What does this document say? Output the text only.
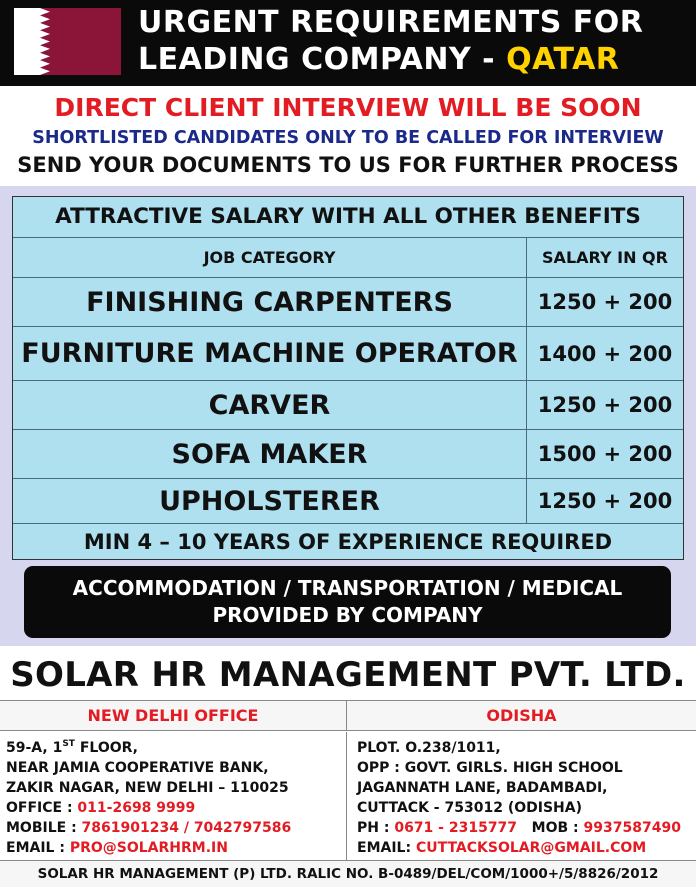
URGENT REQUIREMENTS FOR
LEADING COMPANY - QATAR
DIRECT CLIENT INTERVIEW WILL BE SOON
SHORTLISTED CANDIDATES ONLY TO BE CALLED FOR INTERVIEW
SEND YOUR DOCUMENTS TO US FOR FURTHER PROCESS
ATTRACTIVE SALARY WITH ALL OTHER BENEFITS
JOB CATEGORY	SALARY IN QR
FINISHING CARPENTERS	1250 + 200
FURNITURE MACHINE OPERATOR 1400 + 200
CARVER	1250 + 200
SOFA MAKER	1500 + 200
UPHOLSTERER	1250 + 200
MIN 4 – 10 YEARS OF EXPERIENCE REQUIRED
ACCOMMODATION / TRANSPORTATION / MEDICAL
PROVIDED BY COMPANY
SOLAR HR MANAGEMENT PVT. LTD.
NEW DELHI OFFICE	ODISHA
59-A, 1ST FLOOR,
NEAR JAMIA COOPERATIVE BANK,
ZAKIR NAGAR, NEW DELHI – 110025
OFFICE : 011-2698 9999
MOBILE : 7861901234 / 7042797586
EMAIL : PRO@SOLARHRM.IN
PLOT. O.238/1011,
OPP : GOVT. GIRLS. HIGH SCHOOL
JAGANNATH LANE, BADAMBADI,
CUTTACK - 753012 (ODISHA)
PH : 0671 - 2315777   MOB : 9937587490
EMAIL: CUTTACKSOLAR@GMAIL.COM
SOLAR HR MANAGEMENT (P) LTD. RALIC NO. B-0489/DEL/COM/1000+/5/8826/2012
